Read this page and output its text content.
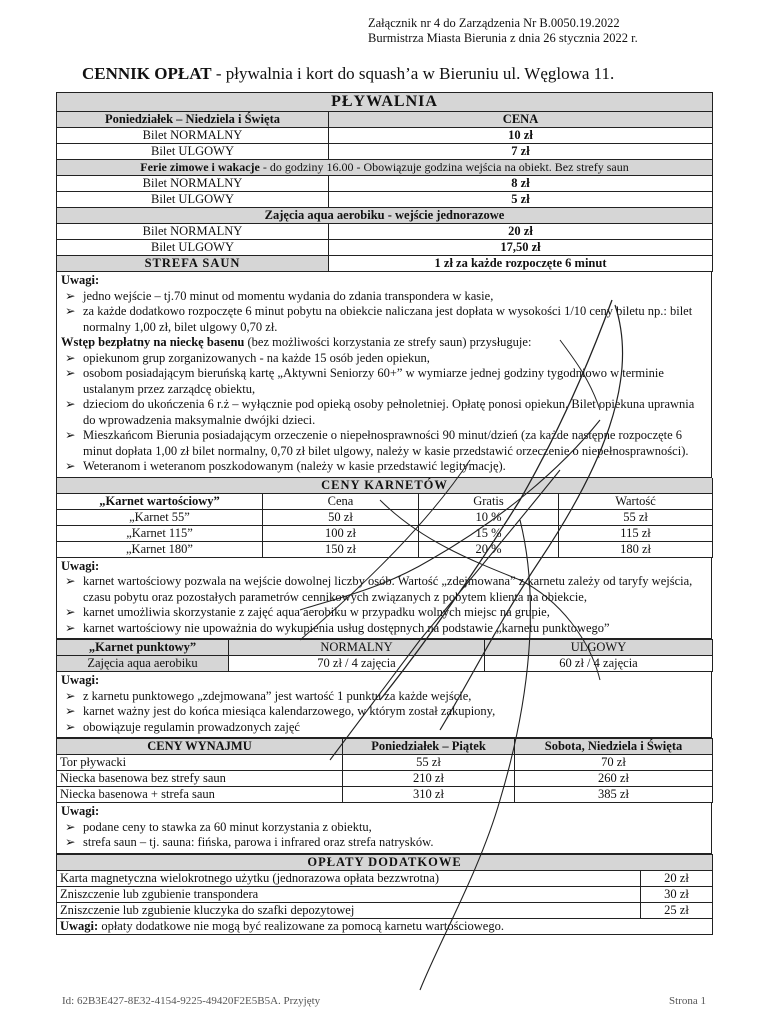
Załącznik nr 4 do Zarządzenia Nr B.0050.19.2022
Burmistrza Miasta Bierunia z dnia 26 stycznia 2022 r.
CENNIK OPŁAT - pływalnia i kort do squash’a w Bieruniu ul. Węglowa 11.
PŁYWALNIA	
Poniedziałek – Niedziela i Święta	CENA
Bilet NORMALNY	10 zł
Bilet ULGOWY	7 zł
Ferie zimowe i wakacje - do godziny 16.00 - Obowiązuje godzina wejścia na obiekt. Bez strefy saun	
Bilet NORMALNY	8 zł
Bilet ULGOWY	5 zł
Zajęcia aqua aerobiku - wejście jednorazowe	
Bilet NORMALNY	20 zł
Bilet ULGOWY	17,50 zł
STREFA SAUN	1 zł za każde rozpoczęte 6 minut
Uwagi:
➢ jedno wejście – tj.70 minut od momentu wydania do zdania transpondera w kasie,
➢ za każde dodatkowo rozpoczęte 6 minut pobytu na obiekcie naliczana jest dopłata w wysokości 1/10 ceny biletu np.: bilet normalny 1,00 zł, bilet ulgowy 0,70 zł.
Wstęp bezpłatny na nieckę basenu (bez możliwości korzystania ze strefy saun) przysługuje:
➢ opiekunom grup zorganizowanych - na każde 15 osób jeden opiekun,
➢ osobom posiadającym bieruńską kartę „Aktywni Seniorzy 60+” w wymiarze jednej godziny tygodniowo w terminie ustalanym przez zarządcę obiektu,
➢ dzieciom do ukończenia 6 r.ż – wyłącznie pod opieką osoby pełnoletniej. Opłatę ponosi opiekun. Bilet opiekuna uprawnia do wprowadzenia maksymalnie dwójki dzieci.
➢ Mieszkańcom Bierunia posiadającym orzeczenie o niepełnosprawności 90 minut/dzień (za każde następne rozpoczęte 6 minut dopłata 1,00 zł bilet normalny, 0,70 zł bilet ulgowy, należy w kasie przedstawić orzeczenie o niepełnosprawności).
➢ Weteranom i weteranom poszkodowanym (należy w kasie przedstawić legitymację).
CENY KARNETÓW			
„Karnet wartościowy”	Cena	Gratis	Wartość
„Karnet 55”	50 zł	10 %	55 zł
„Karnet 115”	100 zł	15 %	115 zł
„Karnet 180”	150 zł	20 %	180 zł
Uwagi:
➢ karnet wartościowy pozwala na wejście dowolnej liczby osób. Wartość „zdejmowana” z karnetu zależy od taryfy wejścia, czasu pobytu oraz pozostałych parametrów cennikowych związanych z pobytem klienta na obiekcie,
➢ karnet umożliwia skorzystanie z zajęć aqua aerobiku w przypadku wolnych miejsc na grupie,
➢ karnet wartościowy nie upoważnia do wykupienia usług dostępnych na podstawie „karnetu punktowego”
„Karnet punktowy”	NORMALNY	ULGOWY
Zajęcia aqua aerobiku	70 zł / 4 zajęcia	60 zł / 4 zajęcia
Uwagi:
➢ z karnetu punktowego „zdejmowana” jest wartość 1 punktu za każde wejście,
➢ karnet ważny jest do końca miesiąca kalendarzowego, w którym został zakupiony,
➢ obowiązuje regulamin prowadzonych zajęć
CENY WYNAJMU	Poniedziałek – Piątek	Sobota, Niedziela i Święta
Tor pływacki	55 zł	70 zł
Niecka basenowa bez strefy saun	210 zł	260 zł
Niecka basenowa + strefa saun	310 zł	385 zł
Uwagi:
➢ podane ceny to stawka za 60 minut korzystania z obiektu,
➢ strefa saun – tj. sauna: fińska, parowa i infrared oraz strefa natrysków.
OPŁATY DODATKOWE	
Karta magnetyczna wielokrotnego użytku (jednorazowa opłata bezzwrotna)	20 zł
Zniszczenie lub zgubienie transpondera	30 zł
Zniszczenie lub zgubienie kluczyka do szafki depozytowej	25 zł
Uwagi: opłaty dodatkowe nie mogą być realizowane za pomocą karnetu wartościowego.	
Id: 62B3E427-8E32-4154-9225-49420F2E5B5A. Przyjęty	Strona 1
